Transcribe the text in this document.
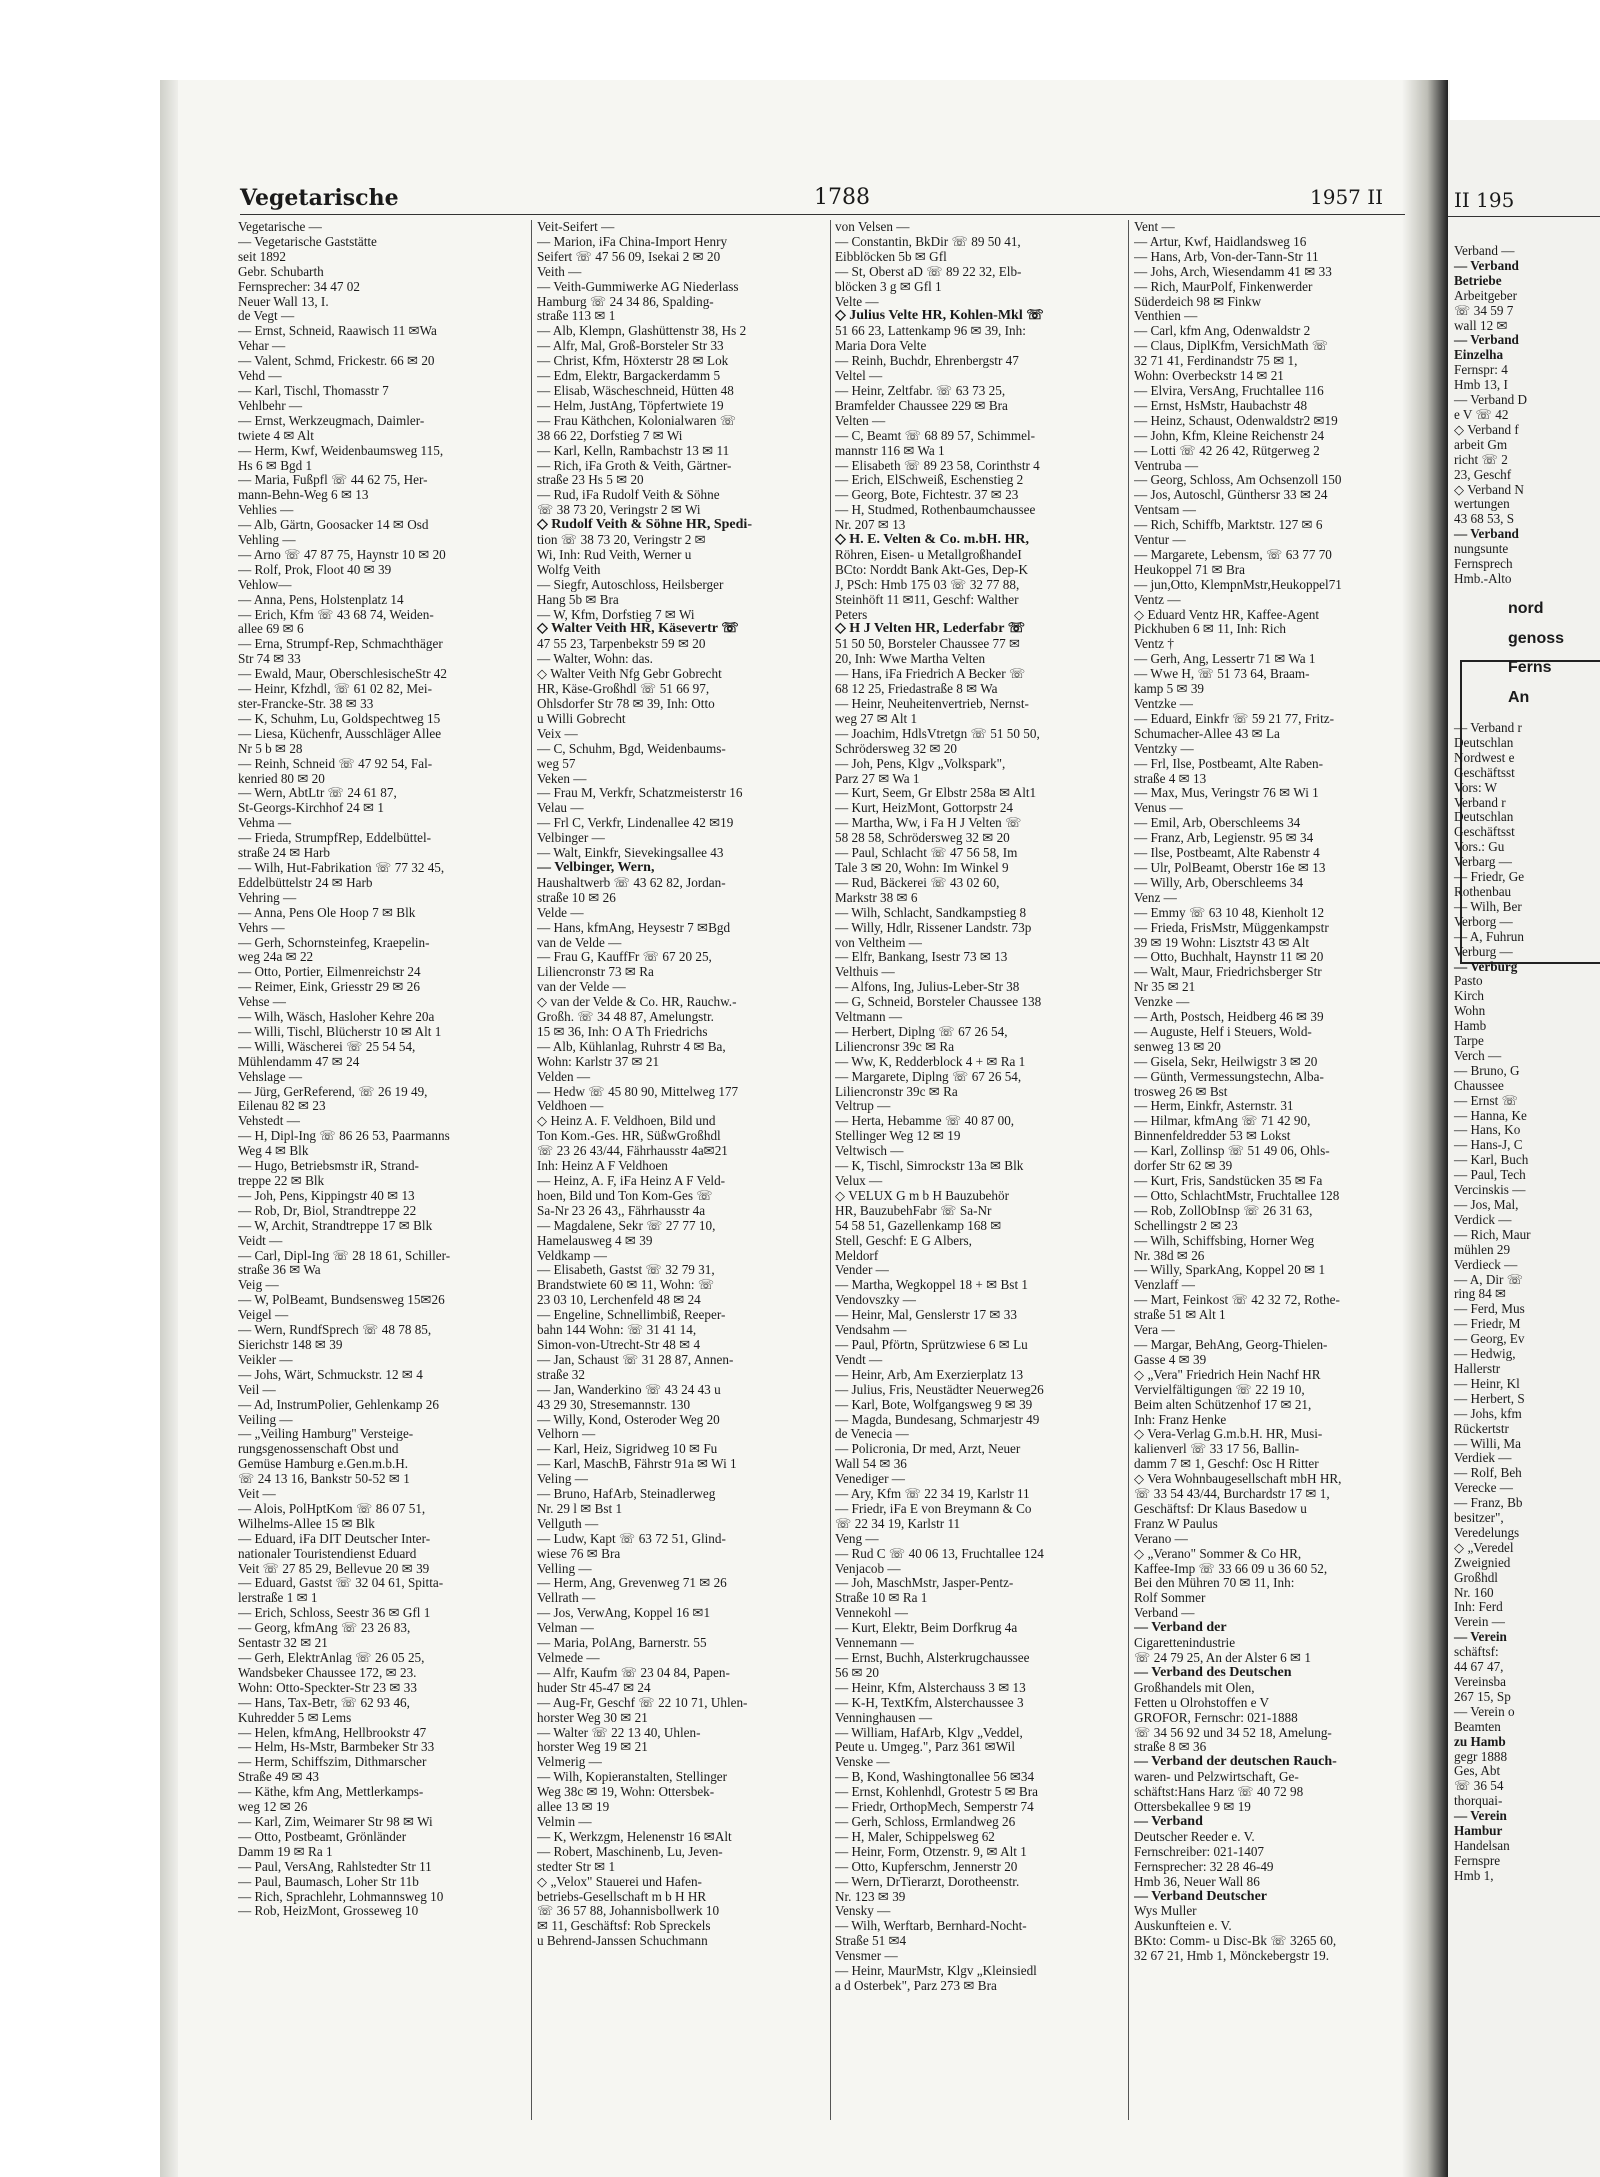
II 195
Verband —
— Verband
Betriebe
Arbeitgeber
☏ 34 59 7
wall 12 ✉
— Verband
Einzelha
Fernspr: 4
Hmb 13, I
— Verband D
e V ☏ 42
◇ Verband f
arbeit Gm
richt ☏ 2
23, Geschf
◇ Verband N
wertungen
43 68 53, S
— Verband
nungsunte
Fernsprech
Hmb.-Alto

nord

genoss

Ferns

An

— Verband r
Deutschlan
Nordwest e
Geschäftsst
Vors: W
Verband r
Deutschlan
Geschäftsst
Vors.: Gu
Verbarg —
— Friedr, Ge
Rothenbau
— Wilh, Ber
Verborg —
— A, Fuhrun
Verburg —
— Verburg
Pasto
Kirch
Wohn
Hamb
Tarpe
Verch —
— Bruno, G
Chaussee
— Ernst ☏
— Hanna, Ke
— Hans, Ko
— Hans-J, C
— Karl, Buch
— Paul, Tech
Vercinskis —
— Jos, Mal,
Verdick —
— Rich, Maur
mühlen 29
Verdieck —
— A, Dir ☏
ring 84 ✉
— Ferd, Mus
— Friedr, M
— Georg, Ev
— Hedwig,
Hallerstr
— Heinr, Kl
— Herbert, S
— Johs, kfm
Rückertstr
— Willi, Ma
Verdiek —
— Rolf, Beh
Verecke —
— Franz, Bb
besitzer",
Veredelungs
◇ „Veredel
Zweignied
Großhdl
Nr. 160
Inh: Ferd
Verein —
— Verein
schäftsf:
44 67 47,
Vereinsba
267 15, Sp
— Verein o
Beamten
zu Hamb
gegr 1888
Ges, Abt
☏ 36 54
thorquai-
— Verein
Hambur
Handelsan
Fernspre
Hmb 1,
Vegetarische	1788	1957 II
Vegetarische —
— Vegetarische Gaststätte
seit 1892
Gebr. Schubarth
Fernsprecher: 34 47 02
Neuer Wall 13, I.
de Vegt —
— Ernst, Schneid, Raawisch 11 ✉Wa
Vehar —
— Valent, Schmd, Frickestr. 66 ✉ 20
Vehd —
— Karl, Tischl, Thomasstr 7
Vehlbehr —
— Ernst, Werkzeugmach, Daimler-
twiete 4 ✉ Alt
— Herm, Kwf, Weidenbaumsweg 115,
Hs 6 ✉ Bgd 1
— Maria, Fußpfl ☏ 44 62 75, Her-
mann-Behn-Weg 6 ✉ 13
Vehlies —
— Alb, Gärtn, Goosacker 14 ✉ Osd
Vehling —
— Arno ☏ 47 87 75, Haynstr 10 ✉ 20
— Rolf, Prok, Floot 40 ✉ 39
Vehlow—
— Anna, Pens, Holstenplatz 14
— Erich, Kfm ☏ 43 68 74, Weiden-
allee 69 ✉ 6
— Erna, Strumpf-Rep, Schmachthäger
Str 74 ✉ 33
— Ewald, Maur, OberschlesischeStr 42
— Heinr, Kfzhdl, ☏ 61 02 82, Mei-
ster-Francke-Str. 38 ✉ 33
— K, Schuhm, Lu, Goldspechtweg 15
— Liesa, Küchenfr, Ausschläger Allee
Nr 5 b ✉ 28
— Reinh, Schneid ☏ 47 92 54, Fal-
kenried 80 ✉ 20
— Wern, AbtLtr ☏ 24 61 87,
St-Georgs-Kirchhof 24 ✉ 1
Vehma —
— Frieda, StrumpfRep, Eddelbüttel-
straße 24 ✉ Harb
— Wilh, Hut-Fabrikation ☏ 77 32 45,
Eddelbüttelstr 24 ✉ Harb
Vehring —
— Anna, Pens Ole Hoop 7 ✉ Blk
Vehrs —
— Gerh, Schornsteinfeg, Kraepelin-
weg 24a ✉ 22
— Otto, Portier, Eilmenreichstr 24
— Reimer, Eink, Griesstr 29 ✉ 26
Vehse —
— Wilh, Wäsch, Hasloher Kehre 20a
— Willi, Tischl, Blücherstr 10 ✉ Alt 1
— Willi, Wäscherei ☏ 25 54 54,
Mühlendamm 47 ✉ 24
Vehslage —
— Jürg, GerReferend, ☏ 26 19 49,
Eilenau 82 ✉ 23
Vehstedt —
— H, Dipl-Ing ☏ 86 26 53, Paarmanns
Weg 4 ✉ Blk
— Hugo, Betriebsmstr iR, Strand-
treppe 22 ✉ Blk
— Joh, Pens, Kippingstr 40 ✉ 13
— Rob, Dr, Biol, Strandtreppe 22
— W, Archit, Strandtreppe 17 ✉ Blk
Veidt —
— Carl, Dipl-Ing ☏ 28 18 61, Schiller-
straße 36 ✉ Wa
Veig —
— W, PolBeamt, Bundsensweg 15✉26
Veigel —
— Wern, RundfSprech ☏ 48 78 85,
Sierichstr 148 ✉ 39
Veikler —
— Johs, Wärt, Schmuckstr. 12 ✉ 4
Veil —
— Ad, InstrumPolier, Gehlenkamp 26
Veiling —
— „Veiling Hamburg" Versteige-
rungsgenossenschaft Obst und
Gemüse Hamburg e.Gen.m.b.H.
☏ 24 13 16, Bankstr 50-52 ✉ 1
Veit —
— Alois, PolHptKom ☏ 86 07 51,
Wilhelms-Allee 15 ✉ Blk
— Eduard, iFa DIT Deutscher Inter-
nationaler Touristendienst Eduard
Veit ☏ 27 85 29, Bellevue 20 ✉ 39
— Eduard, Gastst ☏ 32 04 61, Spitta-
lerstraße 1 ✉ 1
— Erich, Schloss, Seestr 36 ✉ Gfl 1
— Georg, kfmAng ☏ 23 26 83,
Sentastr 32 ✉ 21
— Gerh, ElektrAnlag ☏ 26 05 25,
Wandsbeker Chaussee 172, ✉ 23.
Wohn: Otto-Speckter-Str 23 ✉ 33
— Hans, Tax-Betr, ☏ 62 93 46,
Kuhredder 5 ✉ Lems
— Helen, kfmAng, Hellbrookstr 47
— Helm, Hs-Mstr, Barmbeker Str 33
— Herm, Schiffszim, Dithmarscher
Straße 49 ✉ 43
— Käthe, kfm Ang, Mettlerkamps-
weg 12 ✉ 26
— Karl, Zim, Weimarer Str 98 ✉ Wi
— Otto, Postbeamt, Grönländer
Damm 19 ✉ Ra 1
— Paul, VersAng, Rahlstedter Str 11
— Paul, Baumasch, Loher Str 11b
— Rich, Sprachlehr, Lohmannsweg 10
— Rob, HeizMont, Grosseweg 10
Veit-Seifert —
— Marion, iFa China-Import Henry
Seifert ☏ 47 56 09, Isekai 2 ✉ 20
Veith —
— Veith-Gummiwerke AG Niederlass
Hamburg ☏ 24 34 86, Spalding-
straße 113 ✉ 1
— Alb, Klempn, Glashüttenstr 38, Hs 2
— Alfr, Mal, Groß-Borsteler Str 33
— Christ, Kfm, Höxterstr 28 ✉ Lok
— Edm, Elektr, Bargackerdamm 5
— Elisab, Wäscheschneid, Hütten 48
— Helm, JustAng, Töpfertwiete 19
— Frau Käthchen, Kolonialwaren ☏
38 66 22, Dorfstieg 7 ✉ Wi
— Karl, Kelln, Rambachstr 13 ✉ 11
— Rich, iFa Groth & Veith, Gärtner-
straße 23 Hs 5 ✉ 20
— Rud, iFa Rudolf Veith & Söhne
☏ 38 73 20, Veringstr 2 ✉ Wi
◇ Rudolf Veith & Söhne HR, Spedi-
tion ☏ 38 73 20, Veringstr 2 ✉
Wi, Inh: Rud Veith, Werner u
Wolfg Veith
— Siegfr, Autoschloss, Heilsberger
Hang 5b ✉ Bra
— W, Kfm, Dorfstieg 7 ✉ Wi
◇ Walter Veith HR, Käsevertr ☏
47 55 23, Tarpenbekstr 59 ✉ 20
— Walter, Wohn: das.
◇ Walter Veith Nfg Gebr Gobrecht
HR, Käse-Großhdl ☏ 51 66 97,
Ohlsdorfer Str 78 ✉ 39, Inh: Otto
u Willi Gobrecht
Veix —
— C, Schuhm, Bgd, Weidenbaums-
weg 57
Veken —
— Frau M, Verkfr, Schatzmeisterstr 16
Velau —
— Frl C, Verkfr, Lindenallee 42 ✉19
Velbinger —
— Walt, Einkfr, Sievekingsallee 43
— Velbinger, Wern,
Haushaltwerb ☏ 43 62 82, Jordan-
straße 10 ✉ 26
Velde —
— Hans, kfmAng, Heysestr 7 ✉Bgd
van de Velde —
— Frau G, KauffFr ☏ 67 20 25,
Liliencronstr 73 ✉ Ra
van der Velde —
◇ van der Velde & Co. HR, Rauchw.-
Großh. ☏ 34 48 87, Amelungstr.
15 ✉ 36, Inh: O A Th Friedrichs
— Alb, Kühlanlag, Ruhrstr 4 ✉ Ba,
Wohn: Karlstr 37 ✉ 21
Velden —
— Hedw ☏ 45 80 90, Mittelweg 177
Veldhoen —
◇ Heinz A. F. Veldhoen, Bild und
Ton Kom.-Ges. HR, SüßwGroßhdl
☏ 23 26 43/44, Fährhausstr 4a✉21
Inh: Heinz A F Veldhoen
— Heinz, A. F, iFa Heinz A F Veld-
hoen, Bild und Ton Kom-Ges ☏
Sa-Nr 23 26 43,, Fährhausstr 4a
— Magdalene, Sekr ☏ 27 77 10,
Hamelausweg 4 ✉ 39
Veldkamp —
— Elisabeth, Gastst ☏ 32 79 31,
Brandstwiete 60 ✉ 11, Wohn: ☏
23 03 10, Lerchenfeld 48 ✉ 24
— Engeline, Schnellimbiß, Reeper-
bahn 144 Wohn: ☏ 31 41 14,
Simon-von-Utrecht-Str 48 ✉ 4
— Jan, Schaust ☏ 31 28 87, Annen-
straße 32
— Jan, Wanderkino ☏ 43 24 43 u
43 29 30, Stresemannstr. 130
— Willy, Kond, Osteroder Weg 20
Velhorn —
— Karl, Heiz, Sigridweg 10 ✉ Fu
— Karl, MaschB, Fährstr 91a ✉ Wi 1
Veling —
— Bruno, HafArb, Steinadlerweg
Nr. 29 l ✉ Bst 1
Vellguth —
— Ludw, Kapt ☏ 63 72 51, Glind-
wiese 76 ✉ Bra
Velling —
— Herm, Ang, Grevenweg 71 ✉ 26
Vellrath —
— Jos, VerwAng, Koppel 16 ✉1
Velman —
— Maria, PolAng, Barnerstr. 55
Velmede —
— Alfr, Kaufm ☏ 23 04 84, Papen-
huder Str 45-47 ✉ 24
— Aug-Fr, Geschf ☏ 22 10 71, Uhlen-
horster Weg 30 ✉ 21
— Walter ☏ 22 13 40, Uhlen-
horster Weg 19 ✉ 21
Velmerig —
— Wilh, Kopieranstalten, Stellinger
Weg 38c ✉ 19, Wohn: Ottersbek-
allee 13 ✉ 19
Velmin —
— K, Werkzgm, Helenenstr 16 ✉Alt
— Robert, Maschinenb, Lu, Jeven-
stedter Str ✉ 1
◇ „Velox" Stauerei und Hafen-
betriebs-Gesellschaft m b H HR
☏ 36 57 88, Johannisbollwerk 10
✉ 11, Geschäftsf: Rob Spreckels
u Behrend-Janssen Schuchmann
von Velsen —
— Constantin, BkDir ☏ 89 50 41,
Eibblöcken 5b ✉ Gfl
— St, Oberst aD ☏ 89 22 32, Elb-
blöcken 3 g ✉ Gfl 1
Velte —
◇ Julius Velte HR, Kohlen-Mkl ☏
51 66 23, Lattenkamp 96 ✉ 39, Inh:
Maria Dora Velte
— Reinh, Buchdr, Ehrenbergstr 47
Veltel —
— Heinr, Zeltfabr. ☏ 63 73 25,
Bramfelder Chaussee 229 ✉ Bra
Velten —
— C, Beamt ☏ 68 89 57, Schimmel-
mannstr 116 ✉ Wa 1
— Elisabeth ☏ 89 23 58, Corinthstr 4
— Erich, ElSchweiß, Eschenstieg 2
— Georg, Bote, Fichtestr. 37 ✉ 23
— H, Studmed, Rothenbaumchaussee
Nr. 207 ✉ 13
◇ H. E. Velten & Co. m.bH. HR,
Röhren, Eisen- u MetallgroßhandeI
BCto: Norddt Bank Akt-Ges, Dep-K
J, PSch: Hmb 175 03 ☏ 32 77 88,
Steinhöft 11 ✉11, Geschf: Walther
Peters
◇ H J Velten HR, Lederfabr ☏
51 50 50, Borsteler Chaussee 77 ✉
20, Inh: Wwe Martha Velten
— Hans, iFa Friedrich A Becker ☏
68 12 25, Friedastraße 8 ✉ Wa
— Heinr, Neuheitenvertrieb, Nernst-
weg 27 ✉ Alt 1
— Joachim, HdlsVtretgn ☏ 51 50 50,
Schrödersweg 32 ✉ 20
— Joh, Pens, Klgv „Volkspark",
Parz 27 ✉ Wa 1
— Kurt, Seem, Gr Elbstr 258a ✉ Alt1
— Kurt, HeizMont, Gottorpstr 24
— Martha, Ww, i Fa H J Velten ☏
58 28 58, Schrödersweg 32 ✉ 20
— Paul, Schlacht ☏ 47 56 58, Im
Tale 3 ✉ 20, Wohn: Im Winkel 9
— Rud, Bäckerei ☏ 43 02 60,
Markstr 38 ✉ 6
— Wilh, Schlacht, Sandkampstieg 8
— Willy, Hdlr, Rissener Landstr. 73p
von Veltheim —
— Elfr, Bankang, Isestr 73 ✉ 13
Velthuis —
— Alfons, Ing, Julius-Leber-Str 38
— G, Schneid, Borsteler Chaussee 138
Veltmann —
— Herbert, Diplng ☏ 67 26 54,
Liliencronsr 39c ✉ Ra
— Ww, K, Redderblock 4 + ✉ Ra 1
— Margarete, Diplng ☏ 67 26 54,
Liliencronstr 39c ✉ Ra
Veltrup —
— Herta, Hebamme ☏ 40 87 00,
Stellinger Weg 12 ✉ 19
Veltwisch —
— K, Tischl, Simrockstr 13a ✉ Blk
Velux —
◇ VELUX G m b H Bauzubehör
HR, BauzubehFabr ☏ Sa-Nr
54 58 51, Gazellenkamp 168 ✉
Stell, Geschf: E G Albers,
Meldorf
Vender —
— Martha, Wegkoppel 18 + ✉ Bst 1
Vendovszky —
— Heinr, Mal, Genslerstr 17 ✉ 33
Vendsahm —
— Paul, Pförtn, Sprützwiese 6 ✉ Lu
Vendt —
— Heinr, Arb, Am Exerzierplatz 13
— Julius, Fris, Neustädter Neuerweg26
— Karl, Bote, Wolfgangsweg 9 ✉ 39
— Magda, Bundesang, Schmarjestr 49
de Venecia —
— Policronia, Dr med, Arzt, Neuer
Wall 54 ✉ 36
Venediger —
— Ary, Kfm ☏ 22 34 19, Karlstr 11
— Friedr, iFa E von Breymann & Co
☏ 22 34 19, Karlstr 11
Veng —
— Rud C ☏ 40 06 13, Fruchtallee 124
Venjacob —
— Joh, MaschMstr, Jasper-Pentz-
Straße 10 ✉ Ra 1
Vennekohl —
— Kurt, Elektr, Beim Dorfkrug 4a
Vennemann —
— Ernst, Buchh, Alsterkrugchaussee
56 ✉ 20
— Heinr, Kfm, Alsterchauss 3 ✉ 13
— K-H, TextKfm, Alsterchaussee 3
Venninghausen —
— William, HafArb, Klgv „Veddel,
Peute u. Umgeg.", Parz 361 ✉Wil
Venske —
— B, Kond, Washingtonallee 56 ✉34
— Ernst, Kohlenhdl, Grotestr 5 ✉ Bra
— Friedr, OrthopMech, Semperstr 74
— Gerh, Schloss, Ermlandweg 26
— H, Maler, Schippelsweg 62
— Heinr, Form, Otzenstr. 9, ✉ Alt 1
— Otto, Kupferschm, Jennerstr 20
— Wern, DrTierarzt, Dorotheenstr.
Nr. 123 ✉ 39
Vensky —
— Wilh, Werftarb, Bernhard-Nocht-
Straße 51 ✉4
Vensmer —
— Heinr, MaurMstr, Klgv „Kleinsiedl
a d Osterbek", Parz 273 ✉ Bra
Vent —
— Artur, Kwf, Haidlandsweg 16
— Hans, Arb, Von-der-Tann-Str 11
— Johs, Arch, Wiesendamm 41 ✉ 33
— Rich, MaurPolf, Finkenwerder
Süderdeich 98 ✉ Finkw
Venthien —
— Carl, kfm Ang, Odenwaldstr 2
— Claus, DiplKfm, VersichMath ☏
32 71 41, Ferdinandstr 75 ✉ 1,
Wohn: Overbeckstr 14 ✉ 21
— Elvira, VersAng, Fruchtallee 116
— Ernst, HsMstr, Haubachstr 48
— Heinz, Schaust, Odenwaldstr2 ✉19
— John, Kfm, Kleine Reichenstr 24
— Lotti ☏ 42 26 42, Rütgerweg 2
Ventruba —
— Georg, Schloss, Am Ochsenzoll 150
— Jos, Autoschl, Günthersr 33 ✉ 24
Ventsam —
— Rich, Schiffb, Marktstr. 127 ✉ 6
Ventur —
— Margarete, Lebensm, ☏ 63 77 70
Heukoppel 71 ✉ Bra
— jun,Otto, KlempnMstr,Heukoppel71
Ventz —
◇ Eduard Ventz HR, Kaffee-Agent
Pickhuben 6 ✉ 11, Inh: Rich
Ventz †
— Gerh, Ang, Lessertr 71 ✉ Wa 1
— Wwe H, ☏ 51 73 64, Braam-
kamp 5 ✉ 39
Ventzke —
— Eduard, Einkfr ☏ 59 21 77, Fritz-
Schumacher-Allee 43 ✉ La
Ventzky —
— Frl, Ilse, Postbeamt, Alte Raben-
straße 4 ✉ 13
— Max, Mus, Veringstr 76 ✉ Wi 1
Venus —
— Emil, Arb, Oberschleems 34
— Franz, Arb, Legienstr. 95 ✉ 34
— Ilse, Postbeamt, Alte Rabenstr 4
— Ulr, PolBeamt, Oberstr 16e ✉ 13
— Willy, Arb, Oberschleems 34
Venz —
— Emmy ☏ 63 10 48, Kienholt 12
— Frieda, FrisMstr, Müggenkampstr
39 ✉ 19 Wohn: Lisztstr 43 ✉ Alt
— Otto, Buchhalt, Haynstr 11 ✉ 20
— Walt, Maur, Friedrichsberger Str
Nr 35 ✉ 21
Venzke —
— Arth, Postsch, Heidberg 46 ✉ 39
— Auguste, Helf i Steuers, Wold-
senweg 13 ✉ 20
— Gisela, Sekr, Heilwigstr 3 ✉ 20
— Günth, Vermessungstechn, Alba-
trosweg 26 ✉ Bst
— Herm, Einkfr, Asternstr. 31
— Hilmar, kfmAng ☏ 71 42 90,
Binnenfeldredder 53 ✉ Lokst
— Karl, Zollinsp ☏ 51 49 06, Ohls-
dorfer Str 62 ✉ 39
— Kurt, Fris, Sandstücken 35 ✉ Fa
— Otto, SchlachtMstr, Fruchtallee 128
— Rob, ZollObInsp ☏ 26 31 63,
Schellingstr 2 ✉ 23
— Wilh, Schiffsbing, Horner Weg
Nr. 38d ✉ 26
— Willy, SparkAng, Koppel 20 ✉ 1
Venzlaff —
— Mart, Feinkost ☏ 42 32 72, Rothe-
straße 51 ✉ Alt 1
Vera —
— Margar, BehAng, Georg-Thielen-
Gasse 4 ✉ 39
◇ „Vera" Friedrich Hein Nachf HR
Vervielfältigungen ☏ 22 19 10,
Beim alten Schützenhof 17 ✉ 21,
Inh: Franz Henke
◇ Vera-Verlag G.m.b.H. HR, Musi-
kalienverl ☏ 33 17 56, Ballin-
damm 7 ✉ 1, Geschf: Osc H Ritter
◇ Vera Wohnbaugesellschaft mbH HR,
☏ 33 54 43/44, Burchardstr 17 ✉ 1,
Geschäftsf: Dr Klaus Basedow u
Franz W Paulus
Verano —
◇ „Verano" Sommer & Co HR,
Kaffee-Imp ☏ 33 66 09 u 36 60 52,
Bei den Mühren 70 ✉ 11, Inh:
Rolf Sommer
Verband —
— Verband der
Cigarettenindustrie
☏ 24 79 25, An der Alster 6 ✉ 1
— Verband des Deutschen
Großhandels mit Olen,
Fetten u Olrohstoffen e V
GROFOR, Fernschr: 021-1888
☏ 34 56 92 und 34 52 18, Amelung-
straße 8 ✉ 36
— Verband der deutschen Rauch-
waren- und Pelzwirtschaft, Ge-
schäftst:Hans Harz ☏ 40 72 98
Ottersbekallee 9 ✉ 19
— Verband
Deutscher Reeder e. V.
Fernschreiber: 021-1407
Fernsprecher: 32 28 46-49
Hmb 36, Neuer Wall 86
— Verband Deutscher
Wys Muller
Auskunfteien e. V.
BKto: Comm- u Disc-Bk ☏ 3265 60,
32 67 21, Hmb 1, Mönckebergstr 19.
